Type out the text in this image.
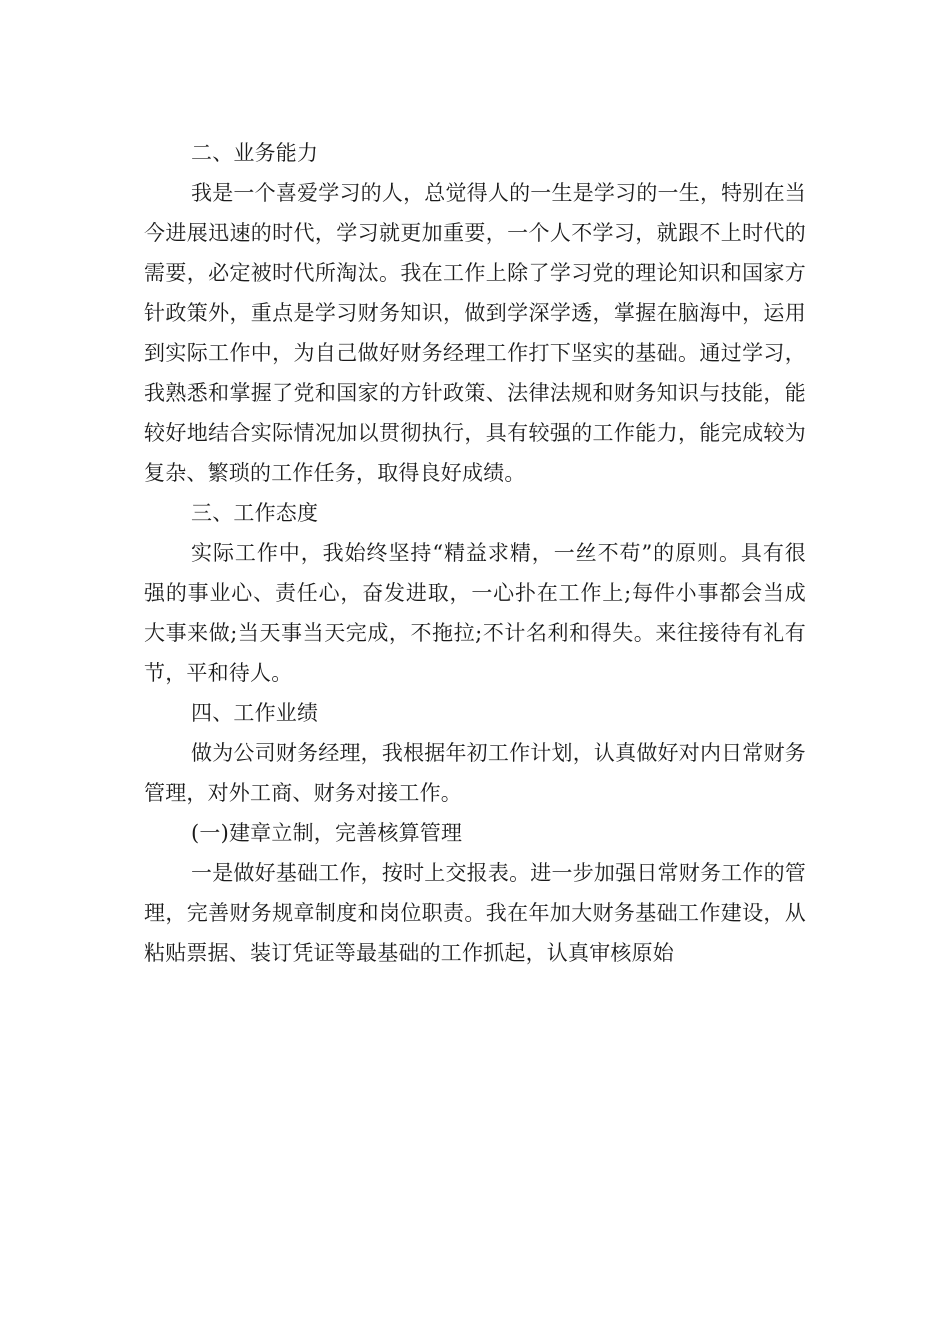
二、业务能力

我是一个喜爱学习的人，总觉得人的一生是学习的一生，特别在当今进展迅速的时代，学习就更加重要，一个人不学习，就跟不上时代的需要，必定被时代所淘汰。我在工作上除了学习党的理论知识和国家方针政策外，重点是学习财务知识，做到学深学透，掌握在脑海中，运用到实际工作中，为自己做好财务经理工作打下坚实的基础。通过学习，我熟悉和掌握了党和国家的方针政策、法律法规和财务知识与技能，能较好地结合实际情况加以贯彻执行，具有较强的工作能力，能完成较为复杂、繁琐的工作任务，取得良好成绩。

三、工作态度

实际工作中，我始终坚持“精益求精，一丝不苟”的原则。具有很强的事业心、责任心，奋发进取，一心扑在工作上;每件小事都会当成大事来做;当天事当天完成，不拖拉;不计名利和得失。来往接待有礼有节，平和待人。

四、工作业绩

做为公司财务经理，我根据年初工作计划，认真做好对内日常财务管理，对外工商、财务对接工作。

(一)建章立制，完善核算管理

一是做好基础工作，按时上交报表。进一步加强日常财务工作的管理，完善财务规章制度和岗位职责。我在年加大财务基础工作建设，从粘贴票据、装订凭证等最基础的工作抓起，认真审核原始
